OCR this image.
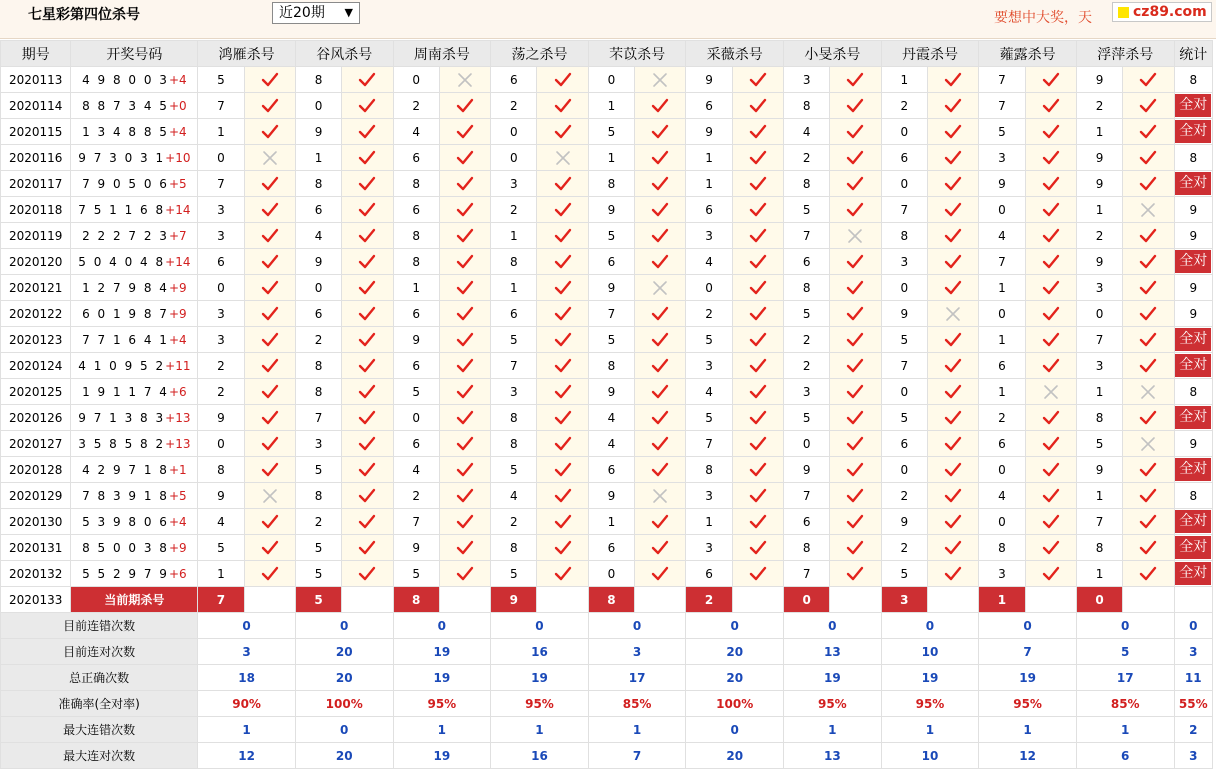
七星彩第四位杀号	近20期 ▼	要想中大奖，天	cz89.com
期号	开奖号码	鸿雁杀号		谷风杀号		周南杀号		荡之杀号		芣苡杀号		采薇杀号		小旻杀号		丹霞杀号		蕹露杀号		浮萍杀号		统计
2020113	4 9 8 0 0 3+4	5		8		0		6		0		9		3		1		7		9		8
2020114	8 8 7 3 4 5+0	7		0		2		2		1		6		8		2		7		2		全对
2020115	1 3 4 8 8 5+4	1		9		4		0		5		9		4		0		5		1		全对
2020116	9 7 3 0 3 1+10	0		1		6		0		1		1		2		6		3		9		8
2020117	7 9 0 5 0 6+5	7		8		8		3		8		1		8		0		9		9		全对
2020118	7 5 1 1 6 8+14	3		6		6		2		9		6		5		7		0		1		9
2020119	2 2 2 7 2 3+7	3		4		8		1		5		3		7		8		4		2		9
2020120	5 0 4 0 4 8+14	6		9		8		8		6		4		6		3		7		9		全对
2020121	1 2 7 9 8 4+9	0		0		1		1		9		0		8		0		1		3		9
2020122	6 0 1 9 8 7+9	3		6		6		6		7		2		5		9		0		0		9
2020123	7 7 1 6 4 1+4	3		2		9		5		5		5		2		5		1		7		全对
2020124	4 1 0 9 5 2+11	2		8		6		7		8		3		2		7		6		3		全对
2020125	1 9 1 1 7 4+6	2		8		5		3		9		4		3		0		1		1		8
2020126	9 7 1 3 8 3+13	9		7		0		8		4		5		5		5		2		8		全对
2020127	3 5 8 5 8 2+13	0		3		6		8		4		7		0		6		6		5		9
2020128	4 2 9 7 1 8+1	8		5		4		5		6		8		9		0		0		9		全对
2020129	7 8 3 9 1 8+5	9		8		2		4		9		3		7		2		4		1		8
2020130	5 3 9 8 0 6+4	4		2		7		2		1		1		6		9		0		7		全对
2020131	8 5 0 0 3 8+9	5		5		9		8		6		3		8		2		8		8		全对
2020132	5 5 2 9 7 9+6	1		5		5		5		0		6		7		5		3		1		全对
2020133	当前期杀号	7		5		8		9		8		2		0		3		1		0		
目前连错次数		0		0		0		0		0		0		0		0		0		0		0
目前连对次数		3		20		19		16		3		20		13		10		7		5		3
总正确次数		18		20		19		19		17		20		19		19		19		17		11
准确率(全对率)		90%		100%		95%		95%		85%		100%		95%		95%		95%		85%		55%
最大连错次数		1		0		1		1		1		0		1		1		1		1		2
最大连对次数		12		20		19		16		7		20		13		10		12		6		3
